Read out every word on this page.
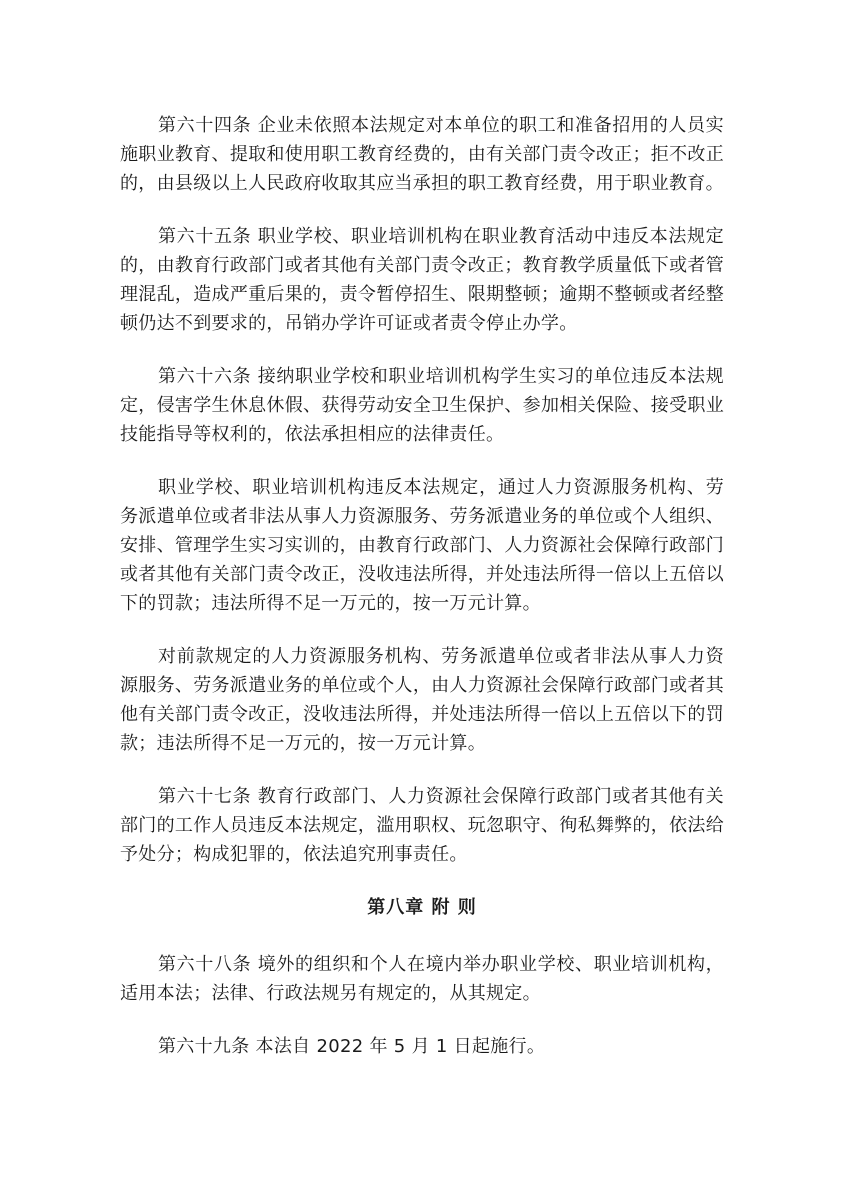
第六十四条 企业未依照本法规定对本单位的职工和准备招用的人员实施职业教育、提取和使用职工教育经费的，由有关部门责令改正；拒不改正的，由县级以上人民政府收取其应当承担的职工教育经费，用于职业教育。

第六十五条 职业学校、职业培训机构在职业教育活动中违反本法规定的，由教育行政部门或者其他有关部门责令改正；教育教学质量低下或者管理混乱，造成严重后果的，责令暂停招生、限期整顿；逾期不整顿或者经整顿仍达不到要求的，吊销办学许可证或者责令停止办学。

第六十六条 接纳职业学校和职业培训机构学生实习的单位违反本法规定，侵害学生休息休假、获得劳动安全卫生保护、参加相关保险、接受职业技能指导等权利的，依法承担相应的法律责任。

职业学校、职业培训机构违反本法规定，通过人力资源服务机构、劳务派遣单位或者非法从事人力资源服务、劳务派遣业务的单位或个人组织、安排、管理学生实习实训的，由教育行政部门、人力资源社会保障行政部门或者其他有关部门责令改正，没收违法所得，并处违法所得一倍以上五倍以下的罚款；违法所得不足一万元的，按一万元计算。

对前款规定的人力资源服务机构、劳务派遣单位或者非法从事人力资源服务、劳务派遣业务的单位或个人，由人力资源社会保障行政部门或者其他有关部门责令改正，没收违法所得，并处违法所得一倍以上五倍以下的罚款；违法所得不足一万元的，按一万元计算。

第六十七条 教育行政部门、人力资源社会保障行政部门或者其他有关部门的工作人员违反本法规定，滥用职权、玩忽职守、徇私舞弊的，依法给予处分；构成犯罪的，依法追究刑事责任。

第八章 附 则

第六十八条 境外的组织和个人在境内举办职业学校、职业培训机构，适用本法；法律、行政法规另有规定的，从其规定。

第六十九条 本法自 2022 年 5 月 1 日起施行。
